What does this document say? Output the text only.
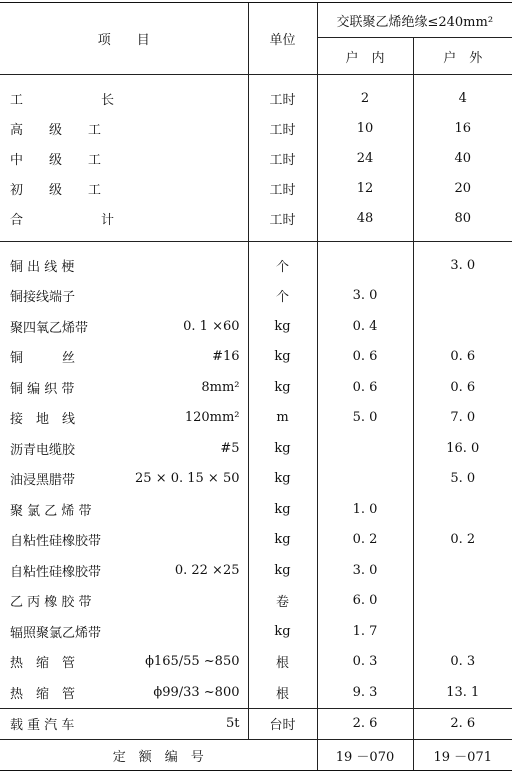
项　　目	单位	交联聚乙烯绝缘≤240mm²	
		户　内	户　外

工　　　　　　长	工时	2	4

高　　级　　工	工时	10	16

中　　级　　工	工时	24	40

初　　级　　工	工时	12	20

合　　　　　　计	工时	48	80

铜 出 线 梗	个		3. 0

铜接线端子	个	3. 0	

聚四氧乙烯带 0. 1 ×60	kg	0. 4	

铜　　　丝 #16	kg	0. 6	0. 6

铜 编 织 带 8mm²	kg	0. 6	0. 6

接　地　线 120mm²	m	5. 0	7. 0

沥青电缆胶 #5	kg		16. 0

油浸黑腊带 25 × 0. 15 × 50	kg		5. 0

聚 氯 乙 烯 带	kg	1. 0	

自粘性硅橡胶带	kg	0. 2	0. 2

自粘性硅橡胶带 0. 22 ×25	kg	3. 0	

乙 丙 橡 胶 带	卷	6. 0	

辐照聚氯乙烯带	kg	1. 7	

热　缩　管 ϕ165/55 ~850	根	0. 3	0. 3

热　缩　管 ϕ99/33 ~800	根	9. 3	13. 1

载 重 汽 车 5t	台时	2. 6	2. 6
定　额　编　号		19 －070	19 －071
